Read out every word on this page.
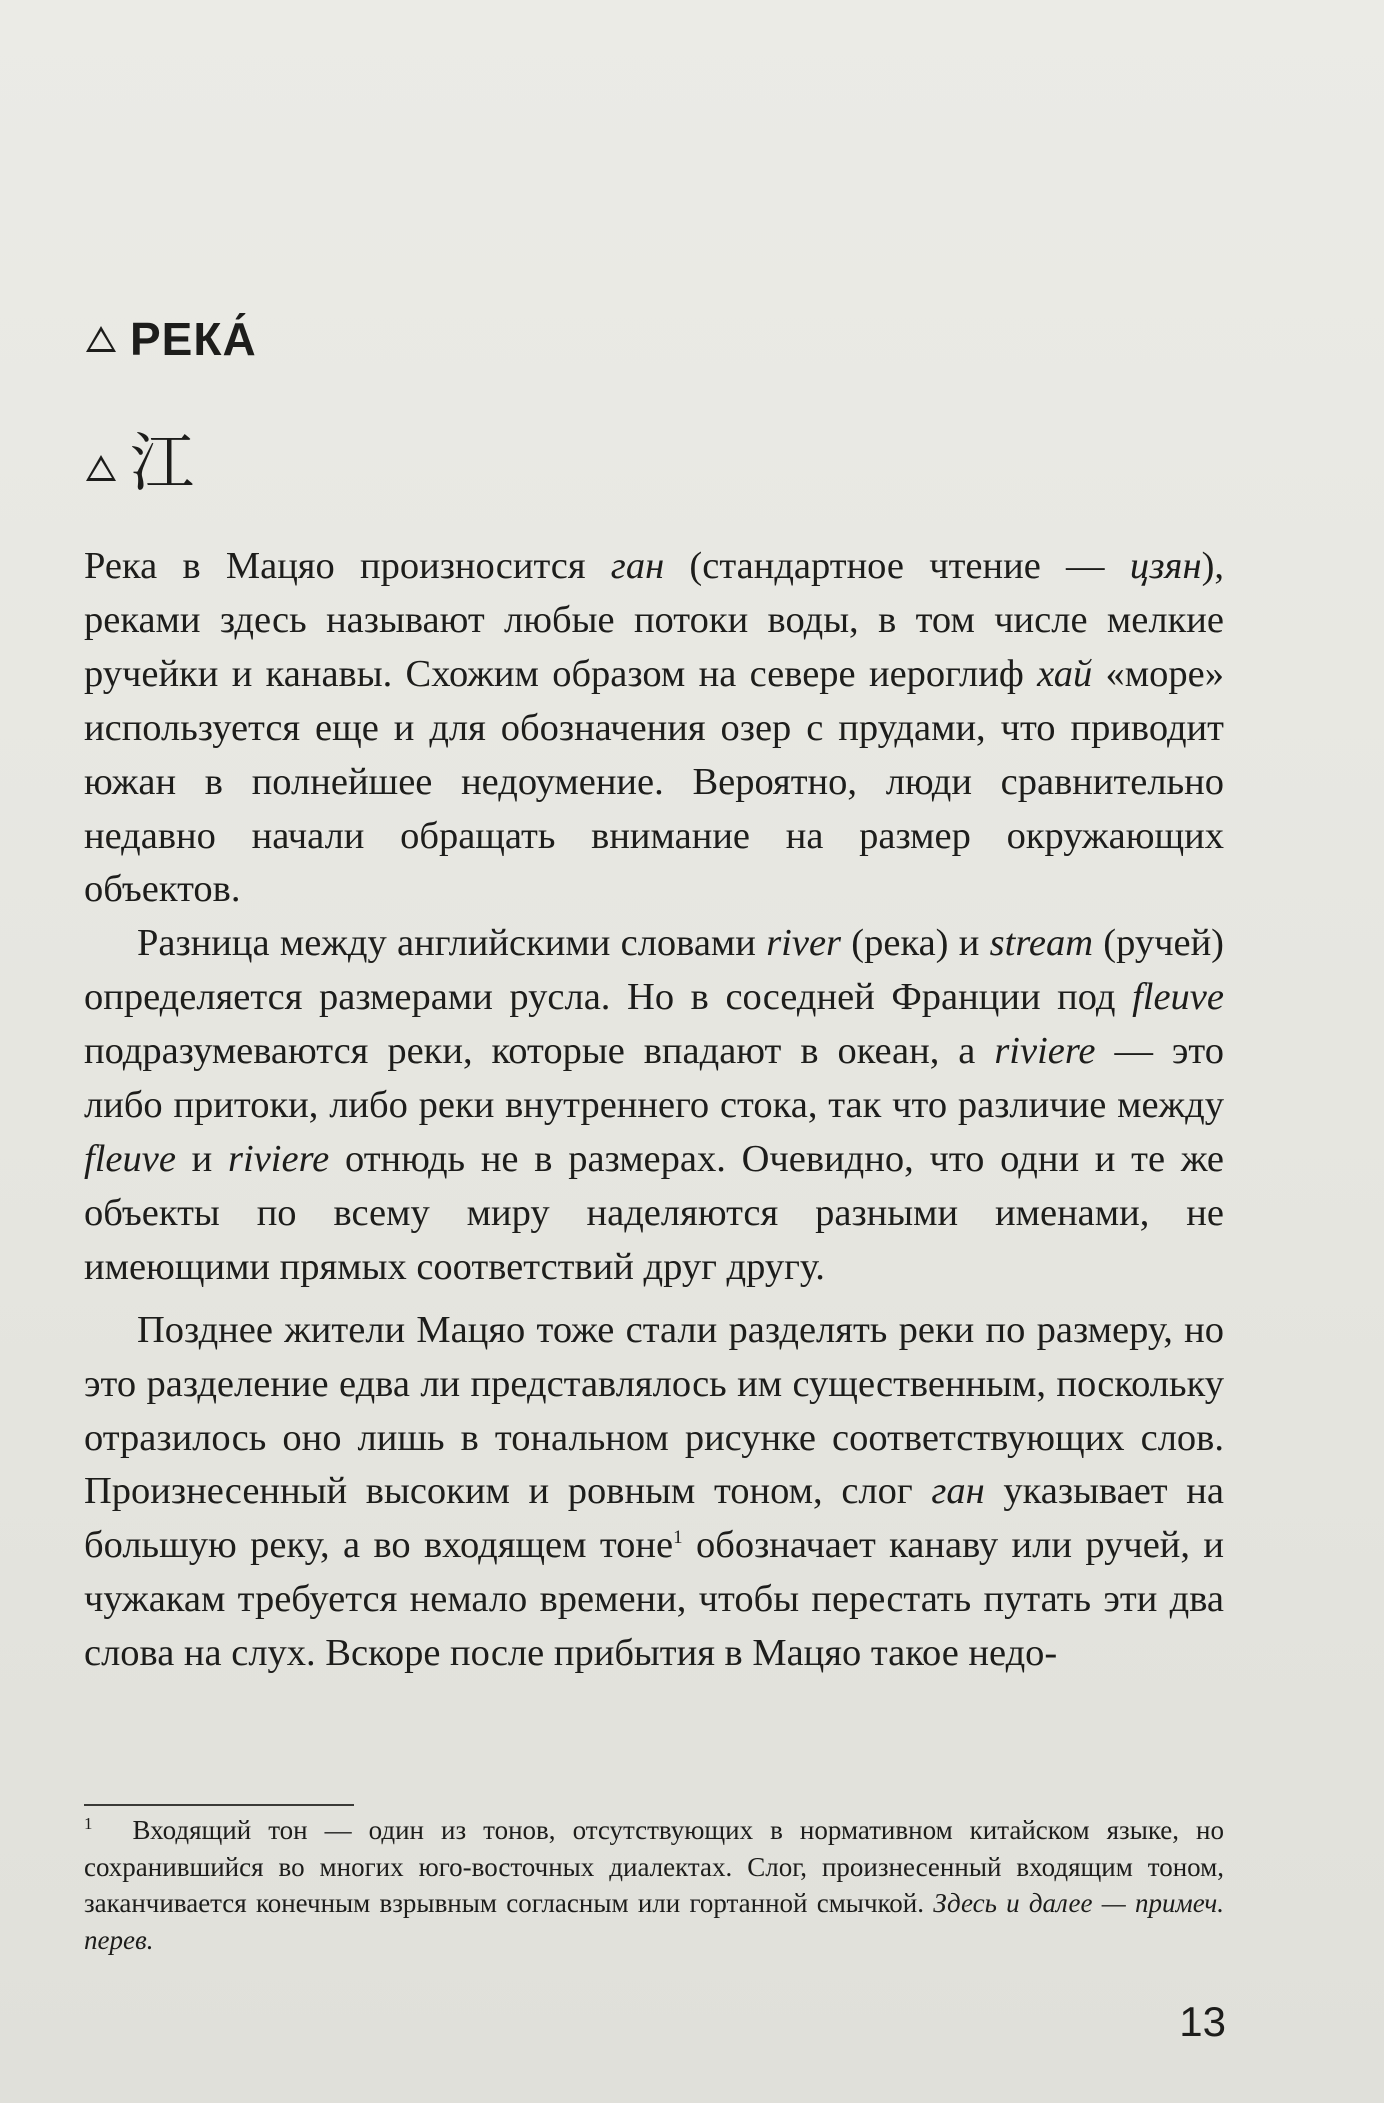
РЕКА́
江

Река в Мацяо произносится ган (стандартное чтение — цзян), реками здесь называют любые потоки воды, в том числе мелкие ручейки и канавы. Схожим образом на севере иероглиф хай «море» используется еще и для обозначения озер с прудами, что приводит южан в полнейшее недоумение. Вероятно, люди сравнительно недавно начали обращать внимание на размер окружающих объектов.

Разница между английскими словами river (река) и stream (ручей) определяется размерами русла. Но в соседней Франции под fleuve подразумеваются реки, которые впадают в океан, а riviere — это либо притоки, либо реки внутреннего стока, так что различие между fleuve и riviere отнюдь не в размерах. Очевидно, что одни и те же объекты по всему миру наделяются разными именами, не имеющими прямых соответствий друг другу.

Позднее жители Мацяо тоже стали разделять реки по размеру, но это разделение едва ли представлялось им существенным, поскольку отразилось оно лишь в тональном рисунке соответствующих слов. Произнесенный высоким и ровным тоном, слог ган указывает на большую реку, а во входящем тоне$^1$ обозначает канаву или ручей, и чужакам требуется немало времени, чтобы перестать путать эти два слова на слух. Вскоре после прибытия в Мацяо такое недо-

$^1$ Входящий тон — один из тонов, отсутствующих в нормативном китайском языке, но сохранившийся во многих юго-восточных диалектах. Слог, произнесенный входящим тоном, заканчивается конечным взрывным согласным или гортанной смычкой. Здесь и далее — примеч. перев.
13
